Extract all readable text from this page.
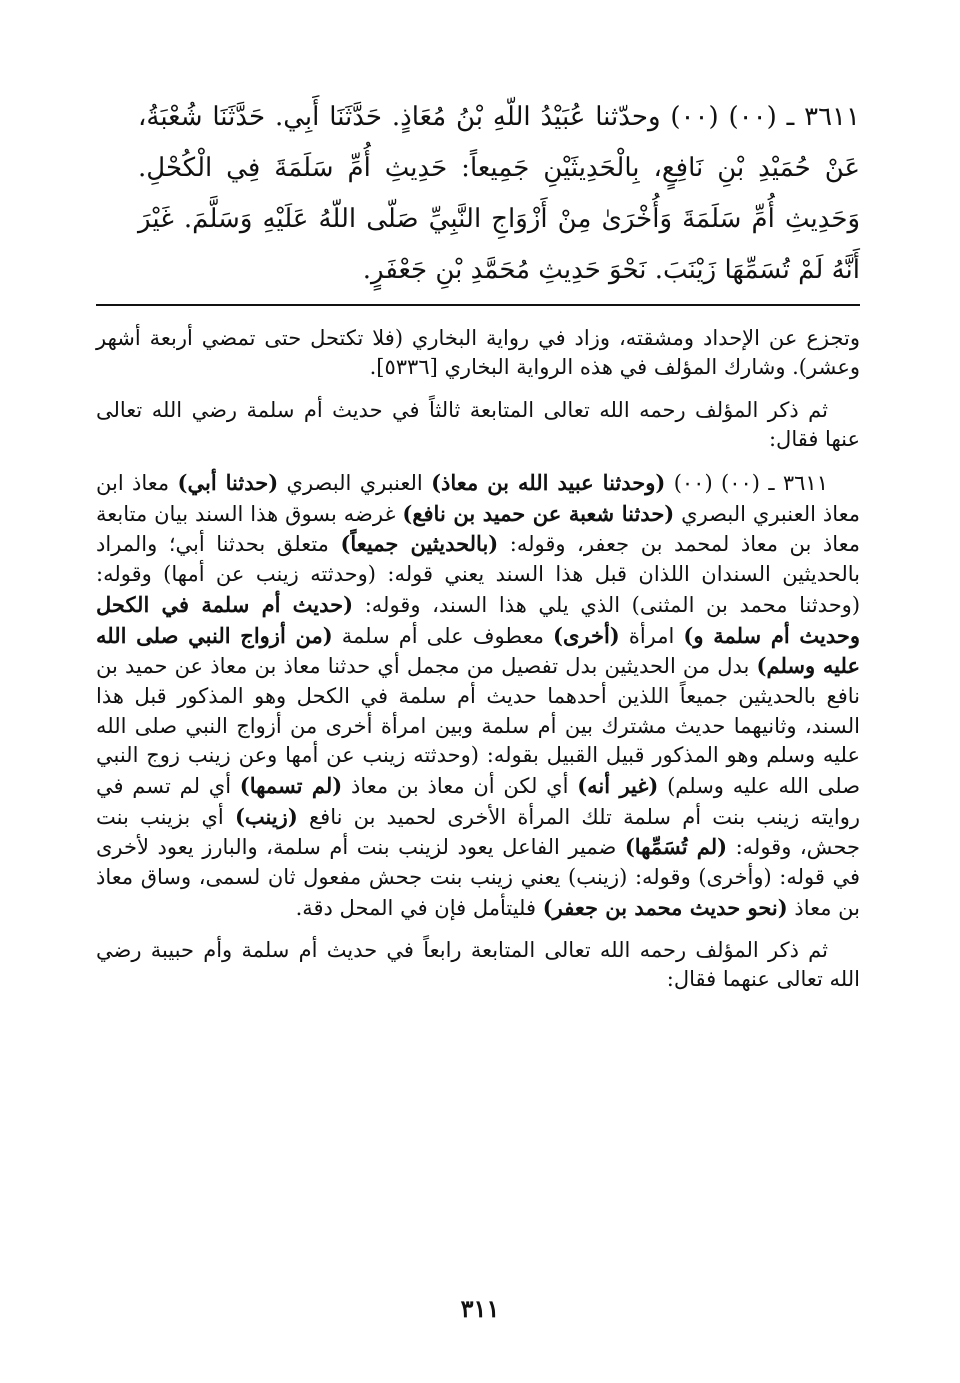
٣٦١١ ـ (٠٠) (٠٠) وحدّثنا عُبَيْدُ اللّهِ بْنُ مُعَاذٍ. حَدَّثَنَا أَبِي. حَدَّثَنَا شُعْبَةُ، عَنْ حُمَيْدِ بْنِ نَافِعٍ، بِالْحَدِيثَيْنِ جَمِيعاً: حَدِيثِ أُمِّ سَلَمَةَ فِي الْكُحْلِ. وَحَدِيثِ أُمِّ سَلَمَةَ وَأُخْرَىٰ مِنْ أَزْوَاجِ النَّبِيِّ صَلّى اللّهُ عَلَيْهِ وَسَلَّمَ. غَيْرَ أَنَّهُ لَمْ تُسَمِّهَا زَيْنَبَ. نَحْوَ حَدِيثِ مُحَمَّدِ بْنِ جَعْفَرٍ.

وتجزع عن الإحداد ومشقته، وزاد في رواية البخاري (فلا تكتحل حتى تمضي أربعة أشهر وعشر). وشارك المؤلف في هذه الرواية البخاري [٥٣٣٦].

ثم ذكر المؤلف رحمه الله تعالى المتابعة ثالثاً في حديث أم سلمة رضي الله تعالى عنها فقال:

٣٦١١ ـ (٠٠) (٠٠) (وحدثنا عبيد الله بن معاذ) العنبري البصري (حدثنا أبي) معاذ ابن معاذ العنبري البصري (حدثنا شعبة عن حميد بن نافع) غرضه بسوق هذا السند بيان متابعة معاذ بن معاذ لمحمد بن جعفر، وقوله: (بالحديثين جميعاً) متعلق بحدثنا أبي؛ والمراد بالحديثين السندان اللذان قبل هذا السند يعني قوله: (وحدثته زينب عن أمها) وقوله: (وحدثنا محمد بن المثنى) الذي يلي هذا السند، وقوله: (حديث أم سلمة في الكحل وحديث أم سلمة و) امرأة (أخرى) معطوف على أم سلمة (من أزواج النبي صلى الله عليه وسلم) بدل من الحديثين بدل تفصيل من مجمل أي حدثنا معاذ بن معاذ عن حميد بن نافع بالحديثين جميعاً اللذين أحدهما حديث أم سلمة في الكحل وهو المذكور قبل هذا السند، وثانيهما حديث مشترك بين أم سلمة وبين امرأة أخرى من أزواج النبي صلى الله عليه وسلم وهو المذكور قبيل القبيل بقوله: (وحدثته زينب عن أمها وعن زينب زوج النبي صلى الله عليه وسلم) (غير أنه) أي لكن أن معاذ بن معاذ (لم تسمها) أي لم تسم في روايته زينب بنت أم سلمة تلك المرأة الأخرى لحميد بن نافع (زينب) أي بزينب بنت جحش، وقوله: (لم تُسَمِّها) ضمير الفاعل يعود لزينب بنت أم سلمة، والبارز يعود لأخرى في قوله: (وأخرى) وقوله: (زينب) يعني زينب بنت جحش مفعول ثان لسمى، وساق معاذ بن معاذ (نحو حديث محمد بن جعفر) فليتأمل فإن في المحل دقة.

ثم ذكر المؤلف رحمه الله تعالى المتابعة رابعاً في حديث أم سلمة وأم حبيبة رضي الله تعالى عنهما فقال:

٣١١
